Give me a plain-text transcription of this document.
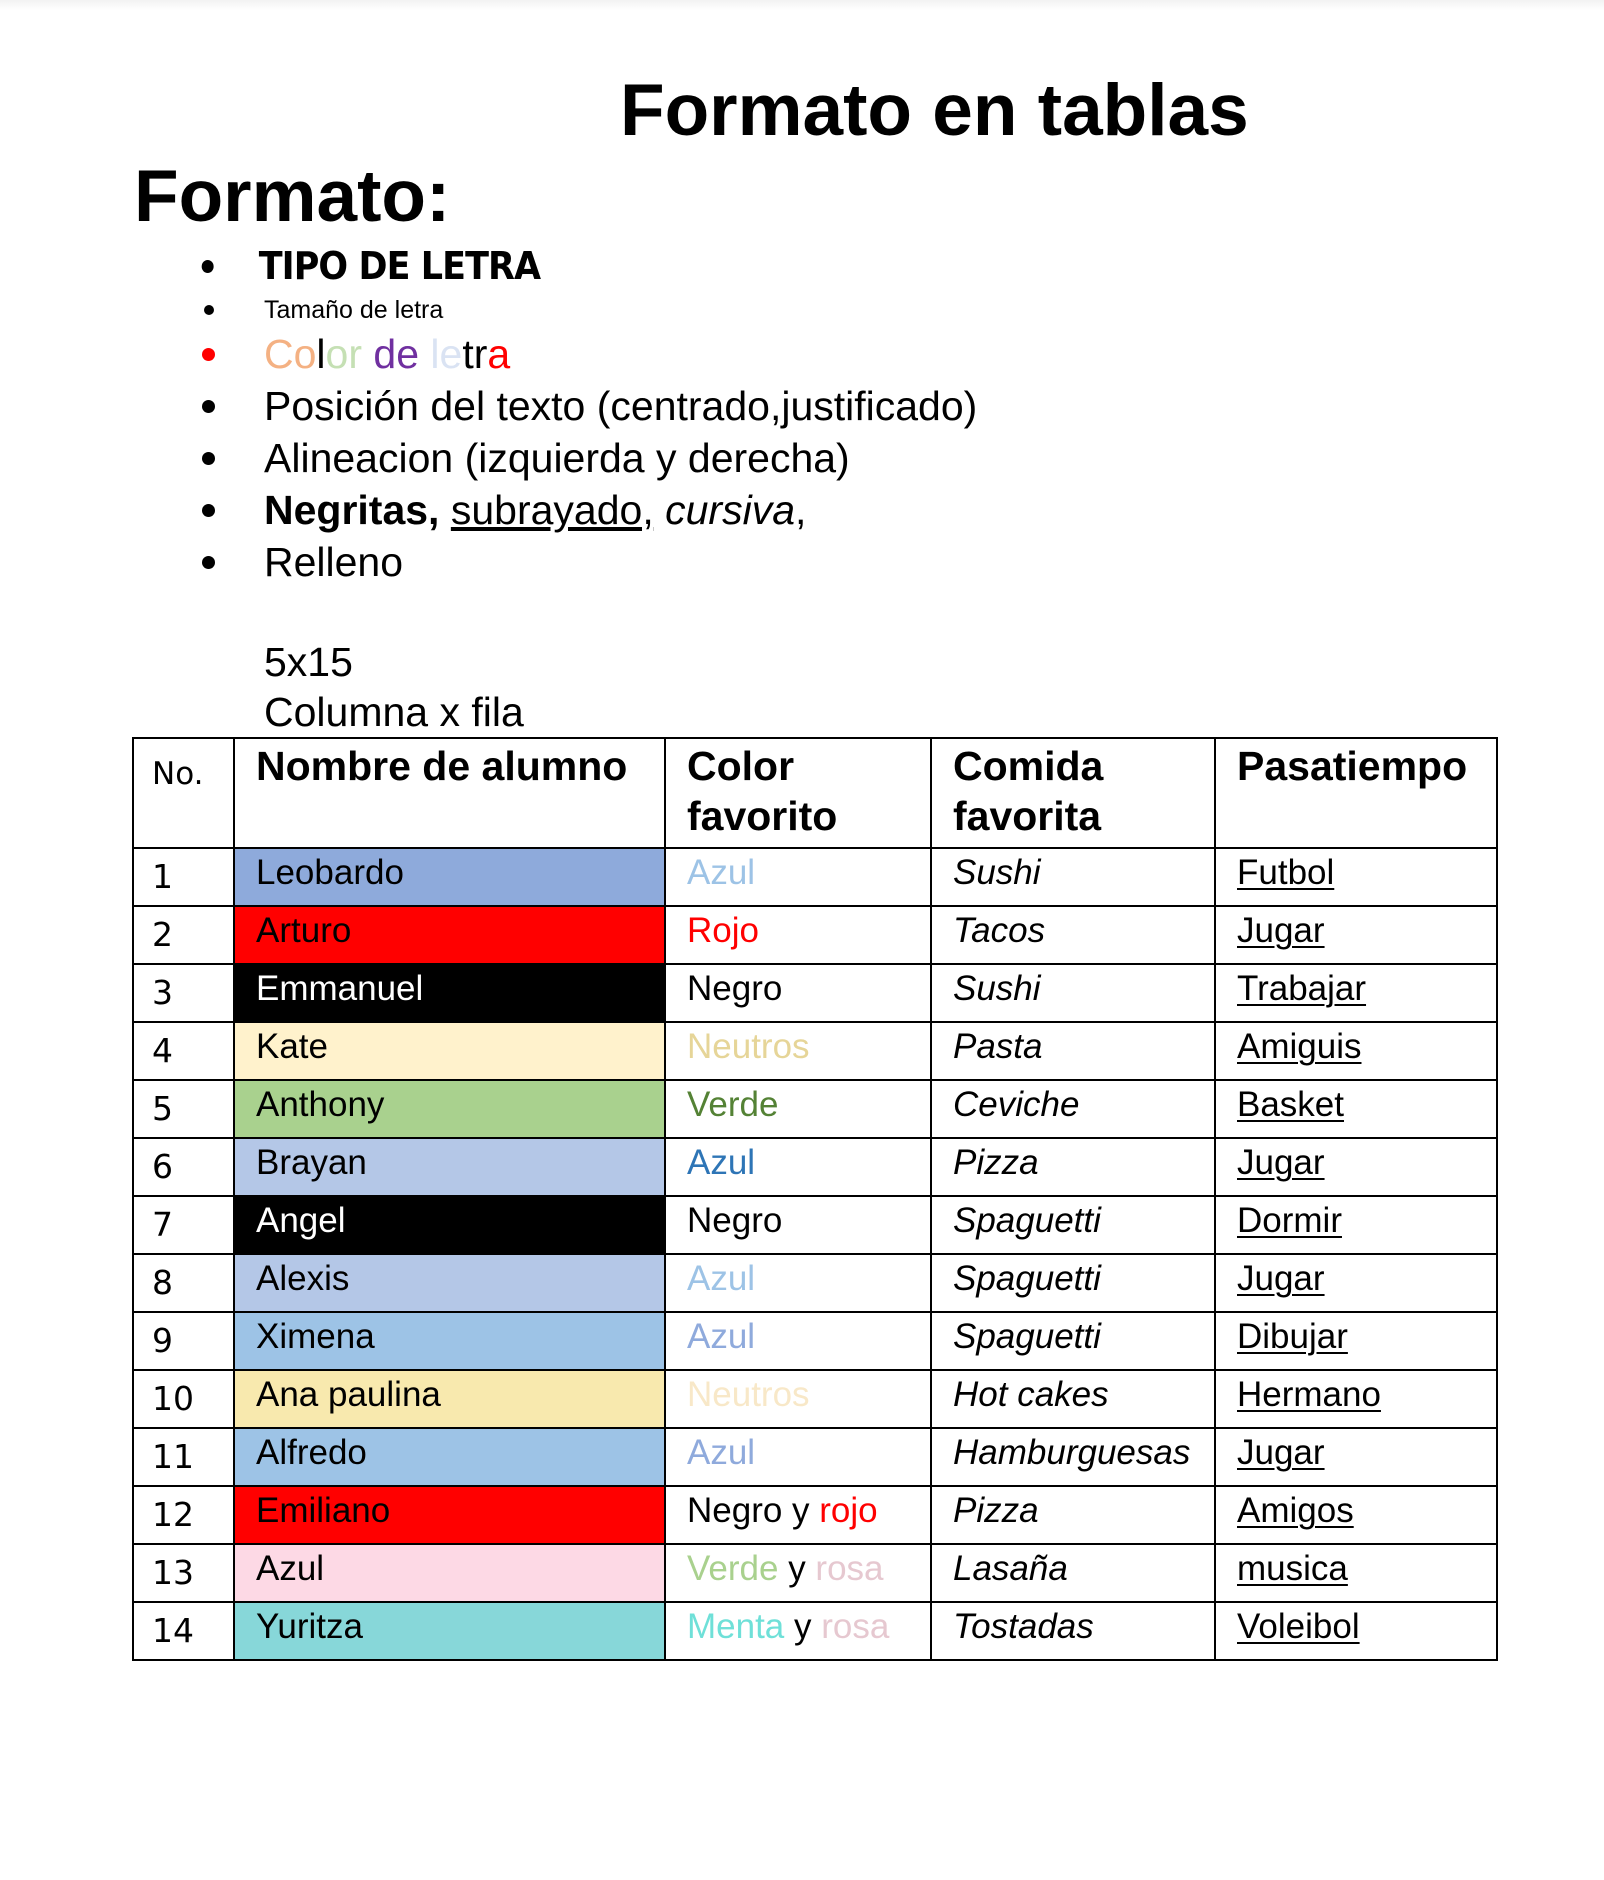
Formato en tablas
Formato:
TIPO DE LETRA
Tamaño de letra
Color de letra
Posición del texto (centrado,justificado)
Alineacion (izquierda y derecha)
Negritas, subrayado, cursiva,
Relleno
5x15
Columna x fila
No.	Nombre de alumno	Color favorito	Comida favorita	Pasatiempo
1	Leobardo	Azul	Sushi	Futbol
2	Arturo	Rojo	Tacos	Jugar
3	Emmanuel	Negro	Sushi	Trabajar
4	Kate	Neutros	Pasta	Amiguis
5	Anthony	Verde	Ceviche	Basket
6	Brayan	Azul	Pizza	Jugar
7	Angel	Negro	Spaguetti	Dormir
8	Alexis	Azul	Spaguetti	Jugar
9	Ximena	Azul	Spaguetti	Dibujar
10	Ana paulina	Neutros	Hot cakes	Hermano
11	Alfredo	Azul	Hamburguesas	Jugar
12	Emiliano	Negro y rojo	Pizza	Amigos
13	Azul	Verde y rosa	Lasaña	musica
14	Yuritza	Menta y rosa	Tostadas	Voleibol
